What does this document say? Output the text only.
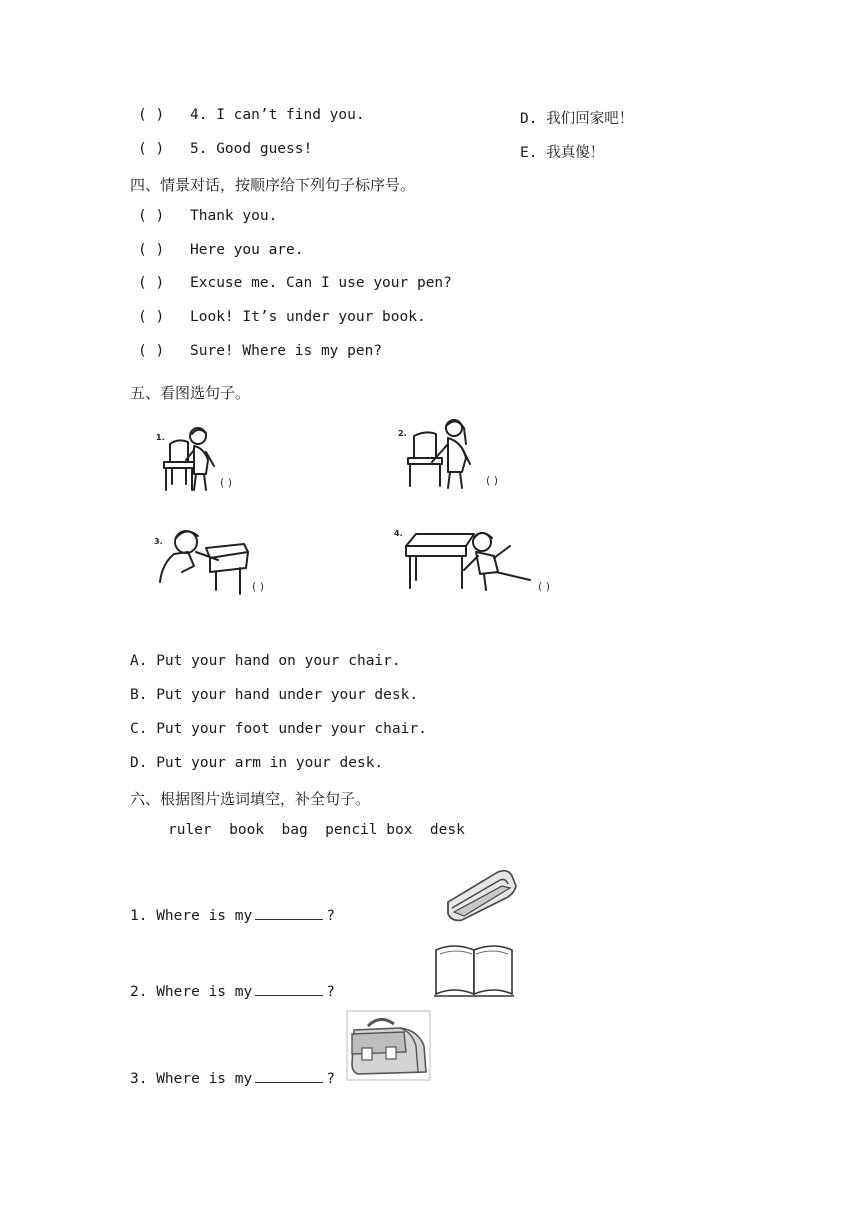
( ) 4. I can’t find you.
( ) 5. Good guess!
D. 我们回家吧！
E. 我真傻！
四、情景对话，按顺序给下列句子标序号。
( ) Thank you.
( ) Here you are.
( ) Excuse me. Can I use your pen?
( ) Look! It’s under your book.
( ) Sure! Where is my pen?
五、看图选句子。
1.
( )
2.
( )
3.
( )
4.
( )
A. Put your hand on your chair.
B. Put your hand under your desk.
C. Put your foot under your chair.
D. Put your arm in your desk.
六、根据图片选词填空，补全句子。
ruler  book  bag  pencil box  desk
1. Where is my	?
2. Where is my	?
3. Where is my	?
